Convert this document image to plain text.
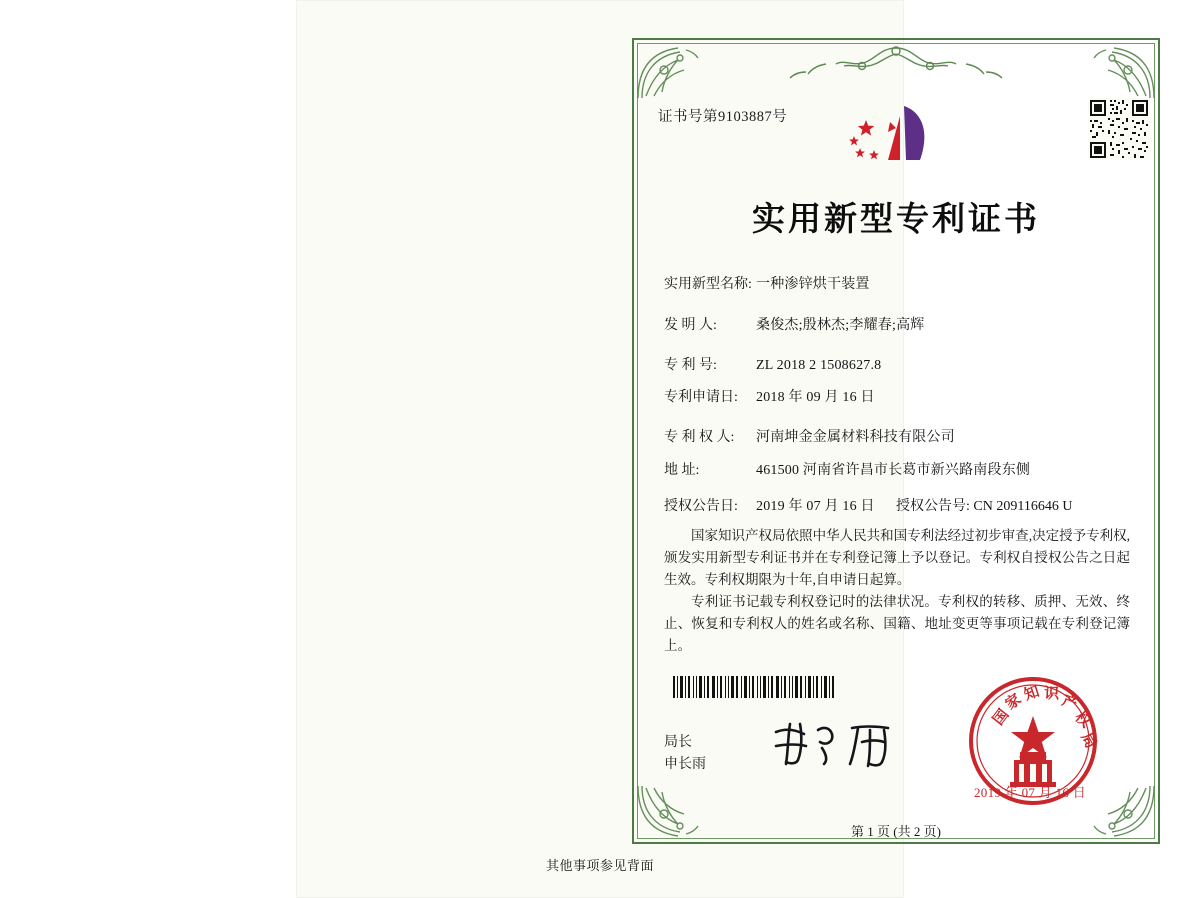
证书号第9103887号
实用新型专利证书
实用新型名称: 一种渗锌烘干装置
发 明 人:	桑俊杰;殷林杰;李耀春;高辉
专 利 号:	ZL 2018 2 1508627.8
专利申请日: 2018 年 09 月 16 日
专 利 权 人: 河南坤金金属材料科技有限公司
地 址:	461500 河南省许昌市长葛市新兴路南段东侧
授权公告日: 2019 年 07 月 16 日	授权公告号: CN 209116646 U
国家知识产权局依照中华人民共和国专利法经过初步审查,决定授予专利权,颁发实用新型专利证书并在专利登记簿上予以登记。专利权自授权公告之日起生效。专利权期限为十年,自申请日起算。
专利证书记载专利权登记时的法律状况。专利权的转移、质押、无效、终止、恢复和专利权人的姓名或名称、国籍、地址变更等事项记载在专利登记簿上。
局长
申长雨
国
家
知 识 产
权
局
2019 年 07 月 16 日
第 1 页 (共 2 页)
其他事项参见背面
